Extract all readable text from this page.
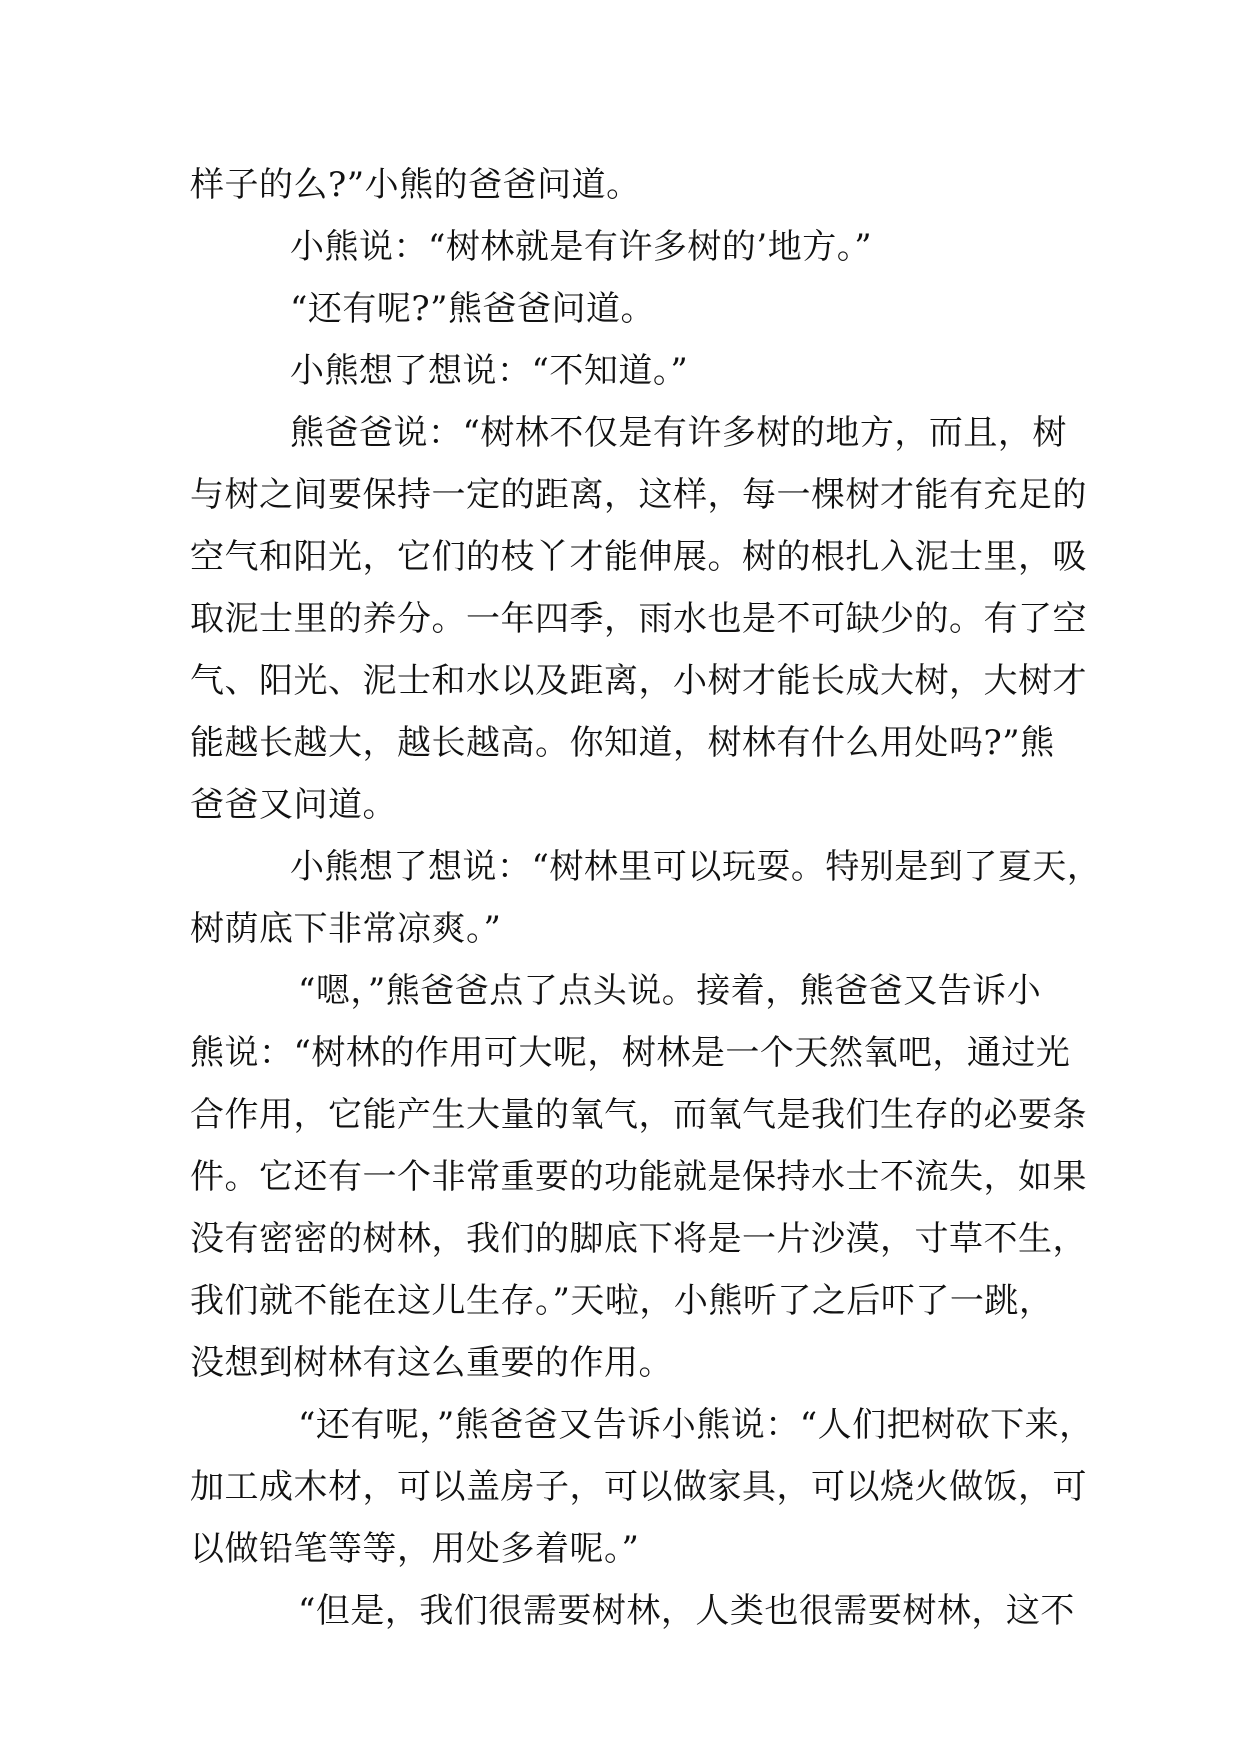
样子的么?”小熊的爸爸问道。
小熊说：“树林就是有许多树的’地方。”
“还有呢?”熊爸爸问道。
小熊想了想说：“不知道。”
熊爸爸说：“树林不仅是有许多树的地方，而且，树
与树之间要保持一定的距离，这样，每一棵树才能有充足的
空气和阳光，它们的枝丫才能伸展。树的根扎入泥士里，吸
取泥士里的养分。一年四季，雨水也是不可缺少的。有了空
气、阳光、泥士和水以及距离，小树才能长成大树，大树才
能越长越大，越长越高。你知道，树林有什么用处吗?”熊
爸爸又问道。
小熊想了想说：“树林里可以玩耍。特别是到了夏天，
树荫底下非常凉爽。”
“嗯，”熊爸爸点了点头说。接着，熊爸爸又告诉小
熊说：“树林的作用可大呢，树林是一个天然氧吧，通过光
合作用，它能产生大量的氧气，而氧气是我们生存的必要条
件。它还有一个非常重要的功能就是保持水士不流失，如果
没有密密的树林，我们的脚底下将是一片沙漠，寸草不生，
我们就不能在这儿生存。”天啦，小熊听了之后吓了一跳，
没想到树林有这么重要的作用。
“还有呢，”熊爸爸又告诉小熊说：“人们把树砍下来，
加工成木材，可以盖房子，可以做家具，可以烧火做饭，可
以做铅笔等等，用处多着呢。”
“但是，我们很需要树林，人类也很需要树林，这不
